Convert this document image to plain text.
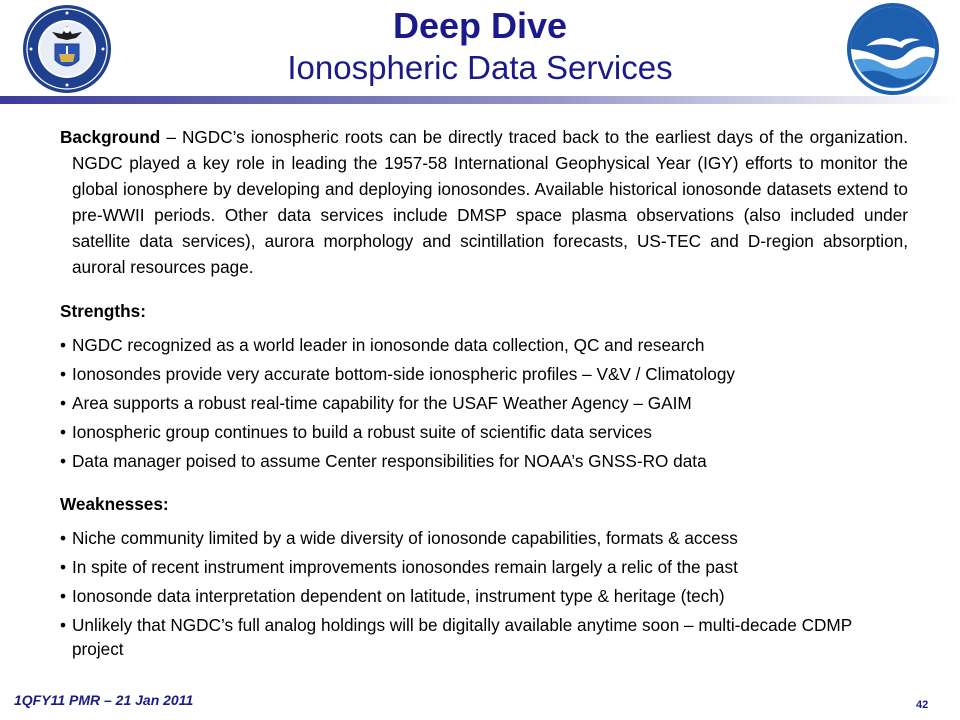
Deep Dive
Ionospheric Data Services

Background – NGDC’s ionospheric roots can be directly traced back to the earliest days of the organization. NGDC played a key role in leading the 1957-58 International Geophysical Year (IGY) efforts to monitor the global ionosphere by developing and deploying ionosondes. Available historical ionosonde datasets extend to pre-WWII periods. Other data services include DMSP space plasma observations (also included under satellite data services), aurora morphology and scintillation forecasts, US-TEC and D-region absorption, auroral resources page.

Strengths:
• NGDC recognized as a world leader in ionosonde data collection, QC and research
• Ionosondes provide very accurate bottom-side ionospheric profiles – V&V / Climatology
• Area supports a robust real-time capability for the USAF Weather Agency – GAIM
• Ionospheric group continues to build a robust suite of scientific data services
• Data manager poised to assume Center responsibilities for NOAA’s GNSS-RO data
Weaknesses:
• Niche community limited by a wide diversity of ionosonde capabilities, formats & access
• In spite of recent instrument improvements ionosondes remain largely a relic of the past
• Ionosonde data interpretation dependent on latitude, instrument type & heritage (tech)
• Unlikely that NGDC’s full analog holdings will be digitally available anytime soon – multi-decade CDMP project
1QFY11 PMR – 21 Jan 2011	42
